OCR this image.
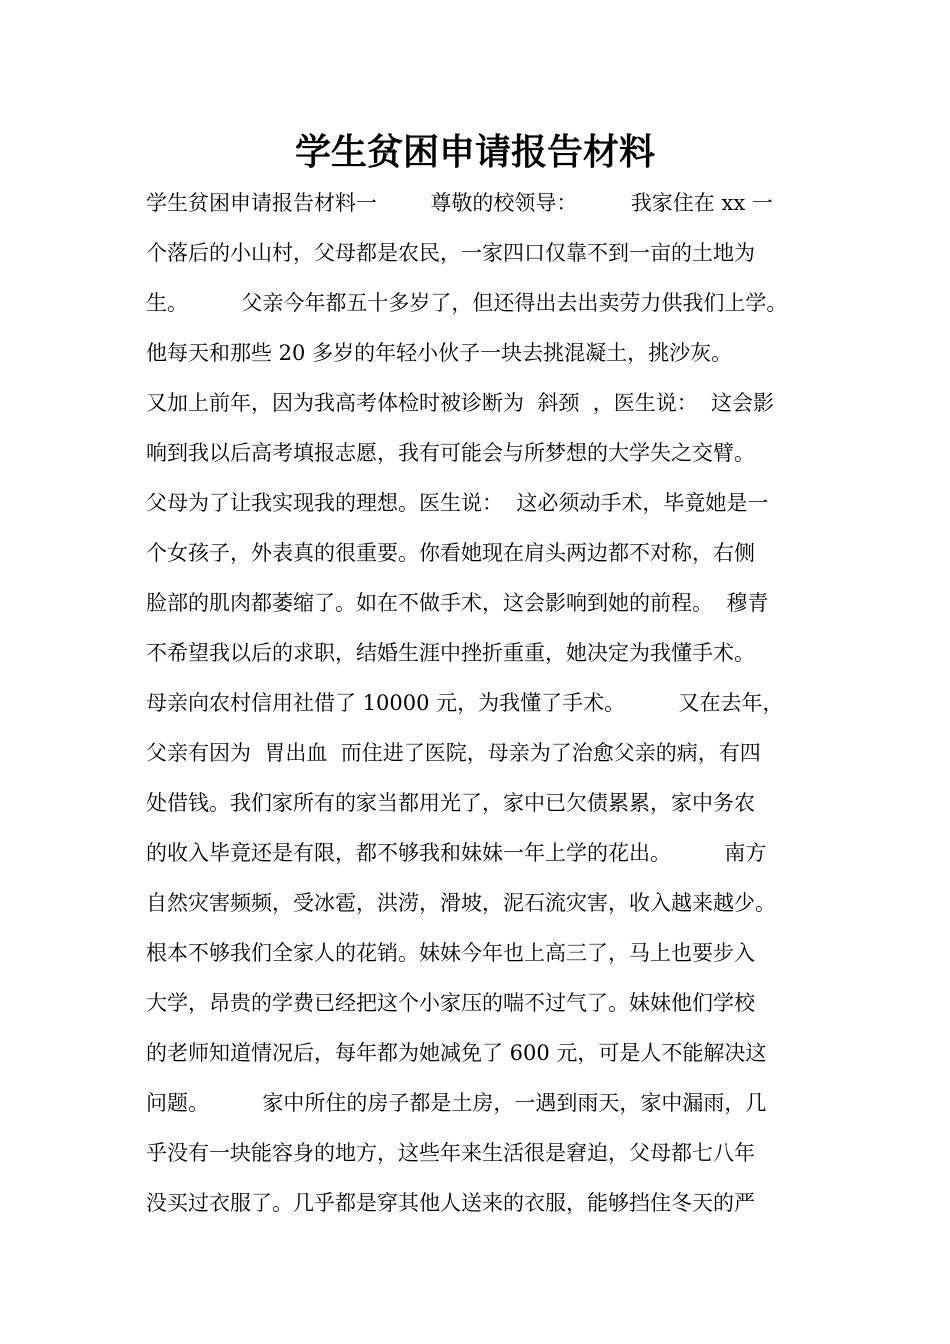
学生贫困申请报告材料
学生贫困申请报告材料一        尊敬的校领导：        我家住在 xx 一
个落后的小山村，父母都是农民，一家四口仅靠不到一亩的土地为
生。        父亲今年都五十多岁了，但还得出去出卖劳力供我们上学。
他每天和那些 20 多岁的年轻小伙子一块去挑混凝土，挑沙灰。
又加上前年，因为我高考体检时被诊断为  斜颈  ，医生说：  这会影
响到我以后高考填报志愿，我有可能会与所梦想的大学失之交臂。
父母为了让我实现我的理想。医生说：  这必须动手术，毕竟她是一
个女孩子，外表真的很重要。你看她现在肩头两边都不对称，右侧
脸部的肌肉都萎缩了。如在不做手术，这会影响到她的前程。  穆青
不希望我以后的求职，结婚生涯中挫折重重，她决定为我懂手术。
母亲向农村信用社借了 10000 元，为我懂了手术。        又在去年，
父亲有因为  胃出血  而住进了医院，母亲为了治愈父亲的病，有四
处借钱。我们家所有的家当都用光了，家中已欠债累累，家中务农
的收入毕竟还是有限，都不够我和妹妹一年上学的花出。        南方
自然灾害频频，受冰雹，洪涝，滑坡，泥石流灾害，收入越来越少。
根本不够我们全家人的花销。妹妹今年也上高三了，马上也要步入
大学，昂贵的学费已经把这个小家压的喘不过气了。妹妹他们学校
的老师知道情况后，每年都为她减免了 600 元，可是人不能解决这
问题。        家中所住的房子都是土房，一遇到雨天，家中漏雨，几
乎没有一块能容身的地方，这些年来生活很是窘迫，父母都七八年
没买过衣服了。几乎都是穿其他人送来的衣服，能够挡住冬天的严
